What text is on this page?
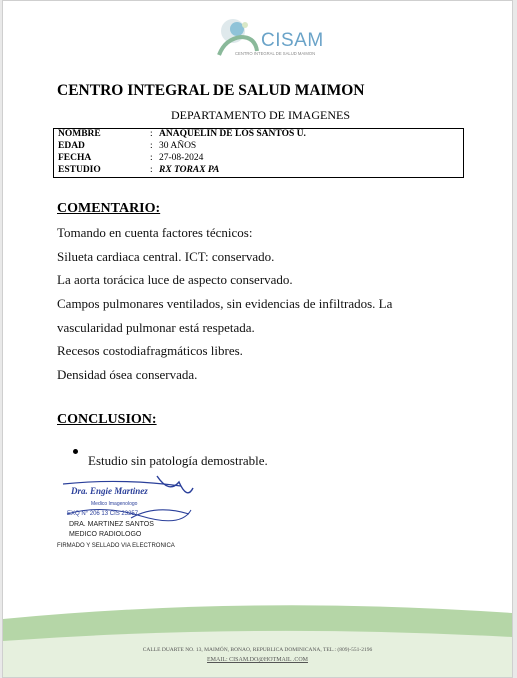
CISAM
CENTRO INTEGRAL DE SALUD MAIMON
CENTRO INTEGRAL DE SALUD MAIMON
DEPARTAMENTO DE IMAGENES
NOMBRE	: ANAQUELIN DE LOS SANTOS U.
EDAD	: 30 AÑOS
FECHA	: 27-08-2024
ESTUDIO	: RX TORAX PA
COMENTARIO:
Tomando en cuenta factores técnicos:
Silueta cardiaca central. ICT: conservado.
La aorta torácica luce de aspecto conservado.
Campos pulmonares ventilados, sin evidencias de infiltrados. La
vascularidad pulmonar está respetada.
Recesos costodiafragmáticos libres.
Densidad ósea conservada.
CONCLUSION:
Estudio sin patología demostrable.
Dra. Engie Martinez
Medico Imagenologo
EXQ N° 206 13 CIS 23257
DRA. MARTINEZ SANTOS
MEDICO RADIOLOGO
FIRMADO Y SELLADO VIA ELECTRONICA
CALLE DUARTE NO. 13, MAIMÓN, BONAO, REPUBLICA DOMINICANA, TEL.: (809)-551-2196
EMAIL: CISAM.DO@HOTMAIL .COM
